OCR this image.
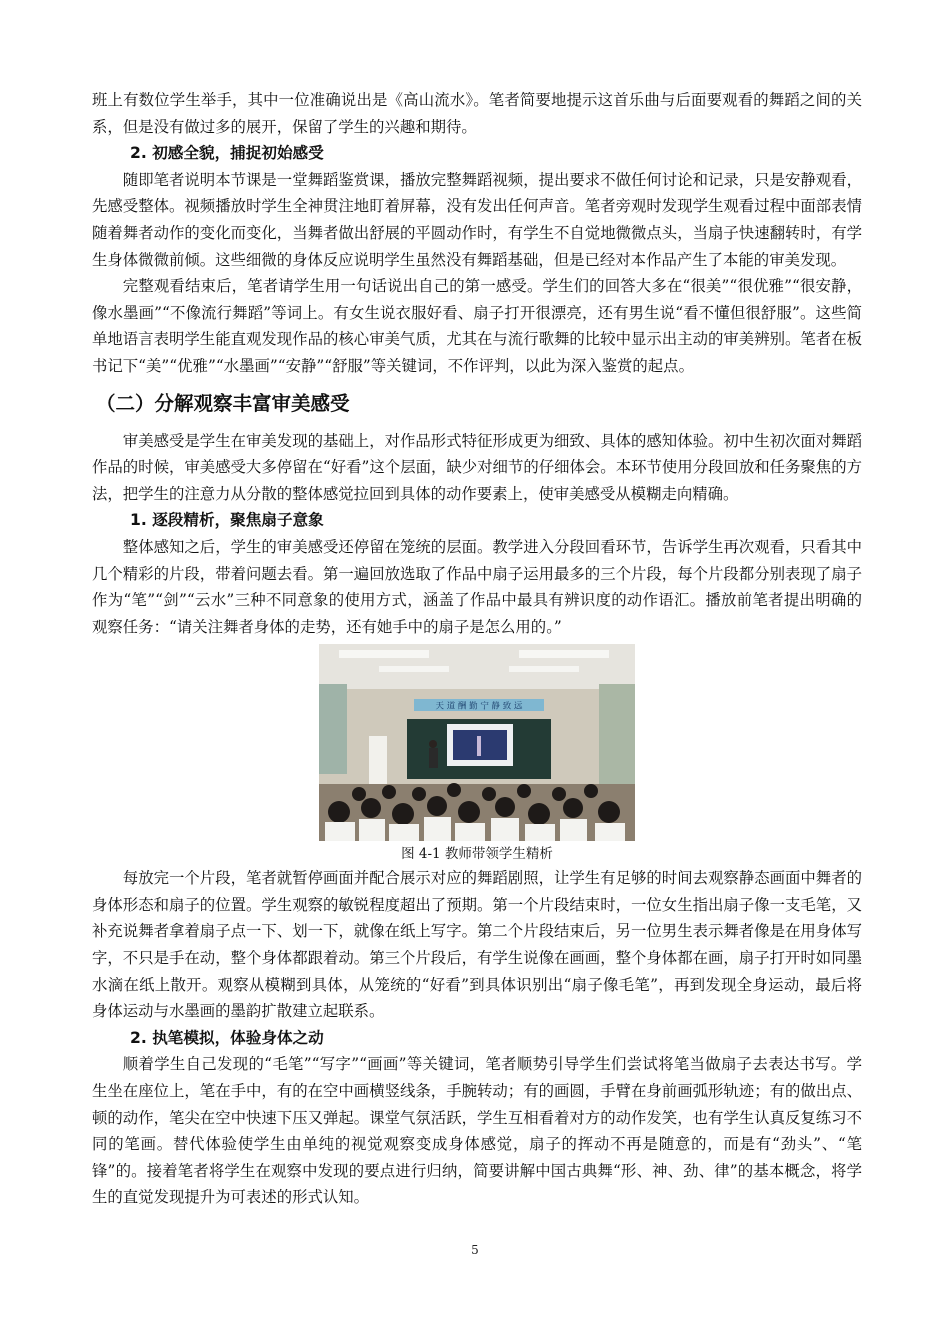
班上有数位学生举手，其中一位准确说出是《高山流水》。笔者简要地提示这首乐曲与后面要观看的舞蹈之间的关系，但是没有做过多的展开，保留了学生的兴趣和期待。

2. 初感全貌，捕捉初始感受

随即笔者说明本节课是一堂舞蹈鉴赏课，播放完整舞蹈视频，提出要求不做任何讨论和记录，只是安静观看，先感受整体。视频播放时学生全神贯注地盯着屏幕，没有发出任何声音。笔者旁观时发现学生观看过程中面部表情随着舞者动作的变化而变化，当舞者做出舒展的平圆动作时，有学生不自觉地微微点头，当扇子快速翻转时，有学生身体微微前倾。这些细微的身体反应说明学生虽然没有舞蹈基础，但是已经对本作品产生了本能的审美发现。

完整观看结束后，笔者请学生用一句话说出自己的第一感受。学生们的回答大多在“很美”“很优雅”“很安静，像水墨画”“不像流行舞蹈”等词上。有女生说衣服好看、扇子打开很漂亮，还有男生说“看不懂但很舒服”。这些简单地语言表明学生能直观发现作品的核心审美气质，尤其在与流行歌舞的比较中显示出主动的审美辨别。笔者在板书记下“美”“优雅”“水墨画”“安静”“舒服”等关键词，不作评判，以此为深入鉴赏的起点。

（二）分解观察丰富审美感受

审美感受是学生在审美发现的基础上，对作品形式特征形成更为细致、具体的感知体验。初中生初次面对舞蹈作品的时候，审美感受大多停留在“好看”这个层面，缺少对细节的仔细体会。本环节使用分段回放和任务聚焦的方法，把学生的注意力从分散的整体感觉拉回到具体的动作要素上，使审美感受从模糊走向精确。

1. 逐段精析，聚焦扇子意象

整体感知之后，学生的审美感受还停留在笼统的层面。教学进入分段回看环节，告诉学生再次观看，只看其中几个精彩的片段，带着问题去看。第一遍回放选取了作品中扇子运用最多的三个片段，每个片段都分别表现了扇子作为“笔”“剑”“云水”三种不同意象的使用方式，涵盖了作品中最具有辨识度的动作语汇。播放前笔者提出明确的观察任务：“请关注舞者身体的走势，还有她手中的扇子是怎么用的。”

天 道 酬 勤 宁 静 致 远
图 4-1 教师带领学生精析

每放完一个片段，笔者就暂停画面并配合展示对应的舞蹈剧照，让学生有足够的时间去观察静态画面中舞者的身体形态和扇子的位置。学生观察的敏锐程度超出了预期。第一个片段结束时，一位女生指出扇子像一支毛笔，又补充说舞者拿着扇子点一下、划一下，就像在纸上写字。第二个片段结束后，另一位男生表示舞者像是在用身体写字，不只是手在动，整个身体都跟着动。第三个片段后，有学生说像在画画，整个身体都在画，扇子打开时如同墨水滴在纸上散开。观察从模糊到具体，从笼统的“好看”到具体识别出“扇子像毛笔”，再到发现全身运动，最后将身体运动与水墨画的墨韵扩散建立起联系。

2. 执笔模拟，体验身体之动

顺着学生自己发现的“毛笔”“写字”“画画”等关键词，笔者顺势引导学生们尝试将笔当做扇子去表达书写。学生坐在座位上，笔在手中，有的在空中画横竖线条，手腕转动；有的画圆，手臂在身前画弧形轨迹；有的做出点、顿的动作，笔尖在空中快速下压又弹起。课堂气氛活跃，学生互相看着对方的动作发笑，也有学生认真反复练习不同的笔画。替代体验使学生由单纯的视觉观察变成身体感觉，扇子的挥动不再是随意的，而是有“劲头”、“笔锋”的。接着笔者将学生在观察中发现的要点进行归纳，简要讲解中国古典舞“形、神、劲、律”的基本概念，将学生的直觉发现提升为可表述的形式认知。

5
